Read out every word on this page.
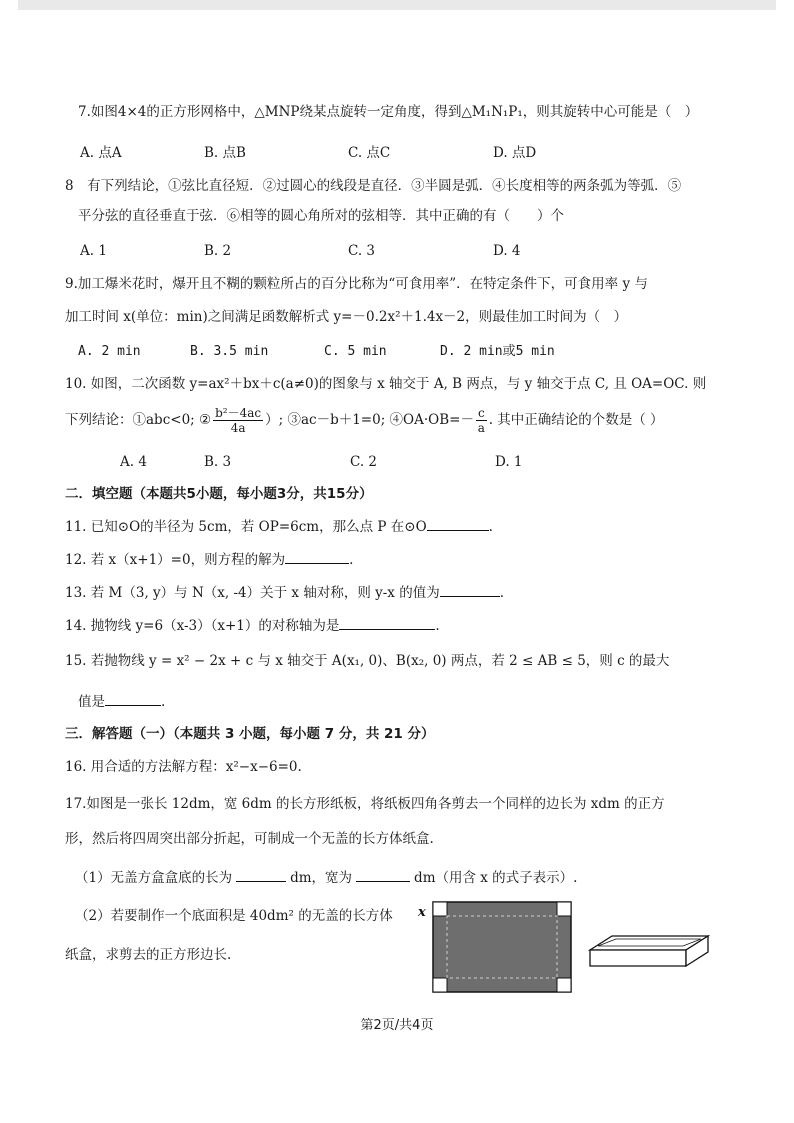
7.如图4×4的正方形网格中，△MNP绕某点旋转一定角度，得到△M₁N₁P₁，则其旋转中心可能是（　）
A. 点A	B. 点B	C. 点C	D. 点D
8　有下列结论，①弦比直径短．②过圆心的线段是直径．③半圆是弧．④长度相等的两条弧为等弧．⑤
平分弦的直径垂直于弦．⑥相等的圆心角所对的弦相等．其中正确的有（　　）个
A. 1	B. 2	C. 3	D. 4
9.加工爆米花时，爆开且不糊的颗粒所占的百分比称为“可食用率”．在特定条件下，可食用率 y 与
加工时间 x(单位：min)之间满足函数解析式 y=－0.2x²＋1.4x－2，则最佳加工时间为（　）
A. 2 min	B. 3.5 min	C. 5 min	D. 2 min或5 min
10. 如图，二次函数 y=ax²＋bx＋c(a≠0)的图象与 x 轴交于 A, B 两点，与 y 轴交于点 C, 且 OA=OC. 则
下列结论：①abc<0; ② $\frac{\text{b²－4ac}}{4a}$ ）; ③ac－b＋1=0; ④OA·OB=－ $\frac{c}{a}$ . 其中正确结论的个数是（ ）
A. 4	B. 3	C. 2	D. 1
二．填空题（本题共5小题，每小题3分，共15分）
11. 已知⊙O的半径为 5cm，若 OP=6cm，那么点 P 在⊙O	.
12. 若 x（x+1）=0，则方程的解为	.
13. 若 M（3, y）与 N（x, -4）关于 x 轴对称，则 y-x 的值为	.
14. 抛物线 y=6（x-3）（x+1）的对称轴为是	.
15. 若抛物线 y = x² − 2x + c 与 x 轴交于 A(x₁, 0)、B(x₂, 0) 两点，若 2 ≤ AB ≤ 5，则 c 的最大
值是	.
三．解答题（一）（本题共 3 小题，每小题 7 分，共 21 分）
16. 用合适的方法解方程：x²−x−6=0.
17.如图是一张长 12dm，宽 6dm 的长方形纸板，将纸板四角各剪去一个同样的边长为 xdm 的正方
形，然后将四周突出部分折起，可制成一个无盖的长方体纸盒.
（1）无盖方盒盒底的长为	dm，宽为	dm（用含 x 的式子表示）.
（2）若要制作一个底面积是 40dm² 的无盖的长方体
纸盒，求剪去的正方形边长.
x
第2页/共4页
